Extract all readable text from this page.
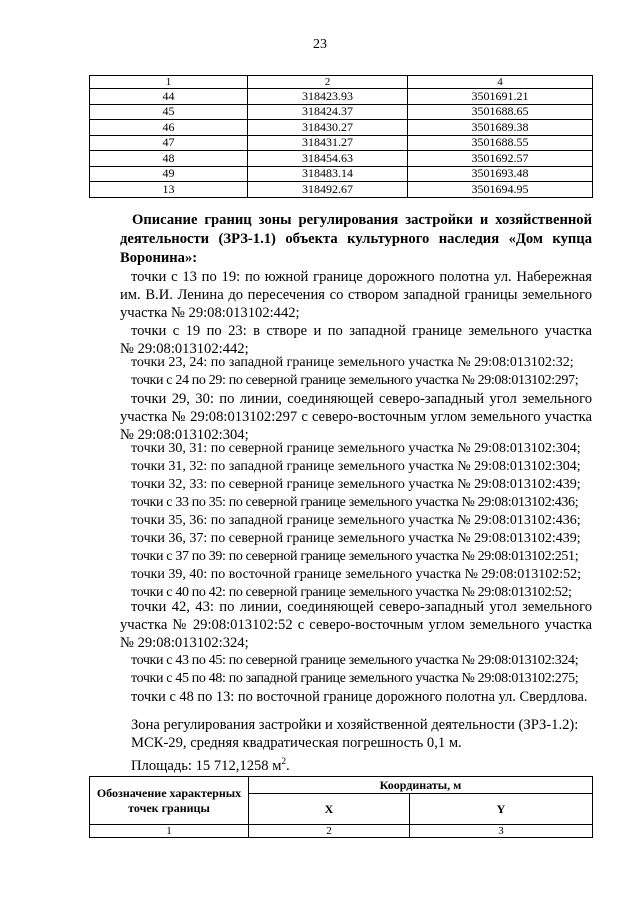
23
1	2	4
44	318423.93	3501691.21
45	318424.37	3501688.65
46	318430.27	3501689.38
47	318431.27	3501688.55
48	318454.63	3501692.57
49	318483.14	3501693.48
13	318492.67	3501694.95
Описание границ зоны регулирования застройки и хозяйственной деятельности (ЗРЗ-1.1) объекта культурного наследия «Дом купца Воронина»:
точки с 13 по 19: по южной границе дорожного полотна ул. Набережная
им. В.И. Ленина до пересечения со створом западной границы земельного
участка № 29:08:013102:442;
точки с 19 по 23: в створе и по западной границе земельного участка
№ 29:08:013102:442;
точки 23, 24: по западной границе земельного участка № 29:08:013102:32;
точки с 24 по 29: по северной границе земельного участка № 29:08:013102:297;
точки 29, 30: по линии, соединяющей северо-западный угол земельного
участка № 29:08:013102:297 с северо-восточным углом земельного участка
№ 29:08:013102:304;
точки 30, 31: по северной границе земельного участка № 29:08:013102:304;
точки 31, 32: по западной границе земельного участка № 29:08:013102:304;
точки 32, 33: по северной границе земельного участка № 29:08:013102:439;
точки с 33 по 35: по северной границе земельного участка № 29:08:013102:436;
точки 35, 36: по западной границе земельного участка № 29:08:013102:436;
точки 36, 37: по северной границе земельного участка № 29:08:013102:439;
точки с 37 по 39: по северной границе земельного участка № 29:08:013102:251;
точки 39, 40: по восточной границе земельного участка № 29:08:013102:52;
точки с 40 по 42: по северной границе земельного участка № 29:08:013102:52;
точки 42, 43: по линии, соединяющей северо-западный угол земельного
участка № 29:08:013102:52 с северо-восточным углом земельного участка
№ 29:08:013102:324;
точки с 43 по 45: по северной границе земельного участка № 29:08:013102:324;
точки с 45 по 48: по западной границе земельного участка № 29:08:013102:275;
точки с 48 по 13: по восточной границе дорожного полотна ул. Свердлова.
Зона регулирования застройки и хозяйственной деятельности (ЗРЗ-1.2):
МСК-29, средняя квадратическая погрешность 0,1 м.
Площадь: 15 712,1258 $м^2$.
Обозначение характерных точек границы	Координаты, м	
	X	Y
1	2	3
